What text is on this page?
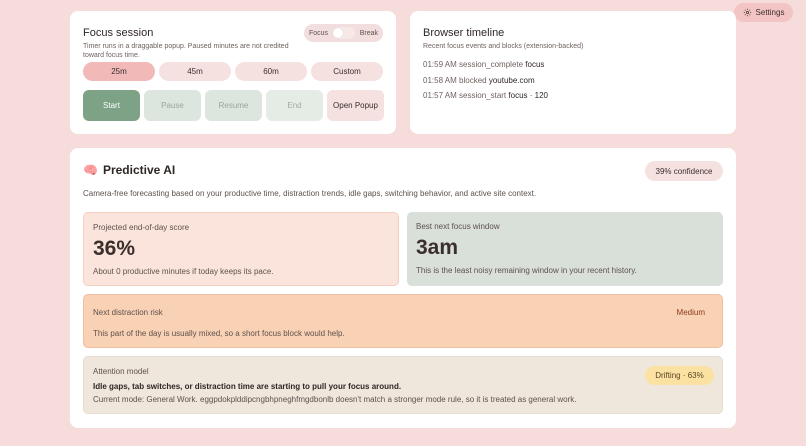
Settings
Focus session
Timer runs in a draggable popup. Paused minutes are not credited toward focus time.
Focus	Break
25m	45m	60m	Custom
Start	Pause	Resume	End	Open Popup
Browser timeline
Recent focus events and blocks (extension-backed)
01:59 AM session_complete focus
01:58 AM blocked youtube.com
01:57 AM session_start focus · 120
🧠 Predictive AI	39% confidence
Camera-free forecasting based on your productive time, distraction trends, idle gaps, switching behavior, and active site context.
Projected end-of-day score
36%
About 0 productive minutes if today keeps its pace.
Best next focus window
3am
This is the least noisy remaining window in your recent history.
Next distraction risk	Medium
This part of the day is usually mixed, so a short focus block would help.
Attention model	Drifting · 63%
Idle gaps, tab switches, or distraction time are starting to pull your focus around.
Current mode: General Work. eggpdokplddipcngbhpneghfmgdbonlb doesn't match a stronger mode rule, so it is treated as general work.
